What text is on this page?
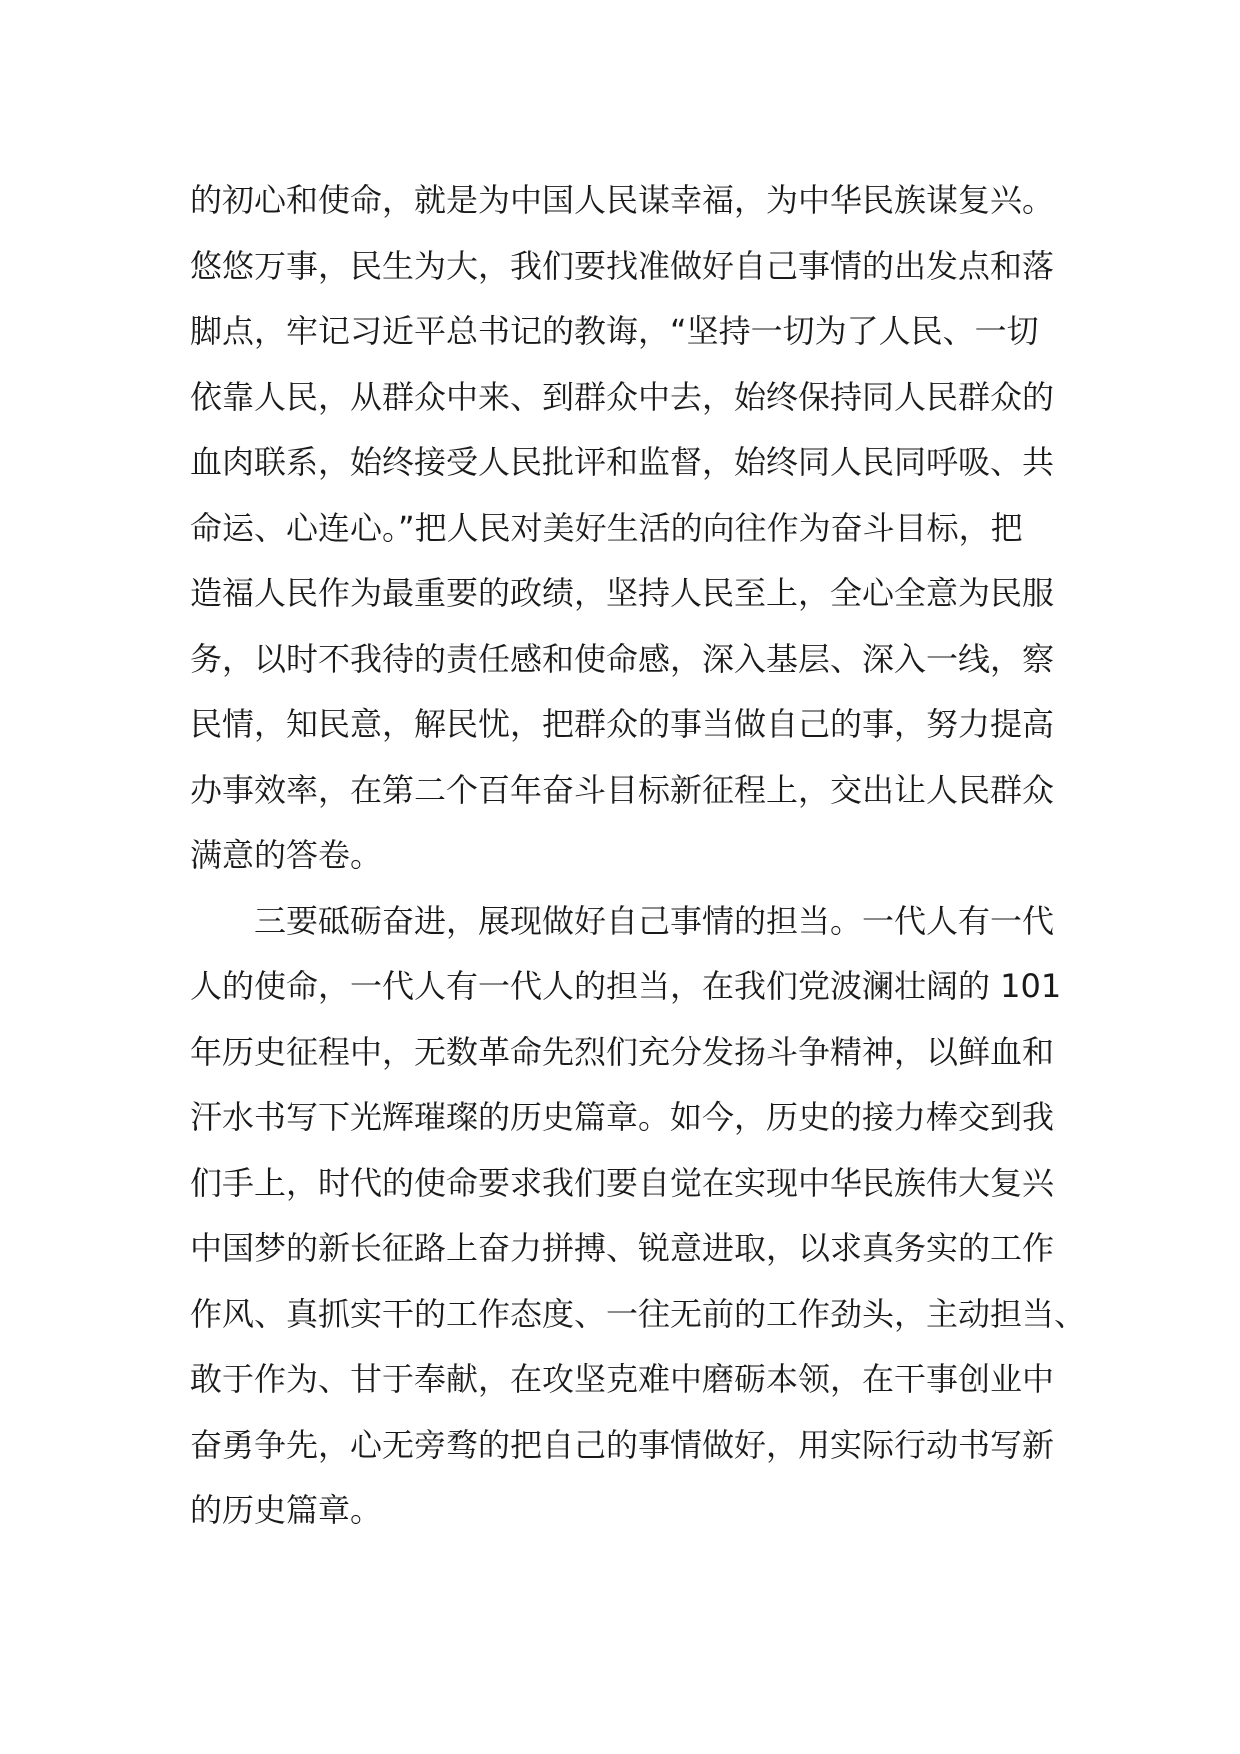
的初心和使命，就是为中国人民谋幸福，为中华民族谋复兴。
悠悠万事，民生为大，我们要找准做好自己事情的出发点和落
脚点，牢记习近平总书记的教诲，“坚持一切为了人民、一切
依靠人民，从群众中来、到群众中去，始终保持同人民群众的
血肉联系，始终接受人民批评和监督，始终同人民同呼吸、共
命运、心连心。”把人民对美好生活的向往作为奋斗目标，把
造福人民作为最重要的政绩，坚持人民至上，全心全意为民服
务，以时不我待的责任感和使命感，深入基层、深入一线，察
民情，知民意，解民忧，把群众的事当做自己的事，努力提高
办事效率，在第二个百年奋斗目标新征程上，交出让人民群众
满意的答卷。
三要砥砺奋进，展现做好自己事情的担当。一代人有一代
人的使命，一代人有一代人的担当，在我们党波澜壮阔的 101
年历史征程中，无数革命先烈们充分发扬斗争精神，以鲜血和
汗水书写下光辉璀璨的历史篇章。如今，历史的接力棒交到我
们手上，时代的使命要求我们要自觉在实现中华民族伟大复兴
中国梦的新长征路上奋力拼搏、锐意进取，以求真务实的工作
作风、真抓实干的工作态度、一往无前的工作劲头，主动担当、
敢于作为、甘于奉献，在攻坚克难中磨砺本领，在干事创业中
奋勇争先，心无旁骛的把自己的事情做好，用实际行动书写新
的历史篇章。
